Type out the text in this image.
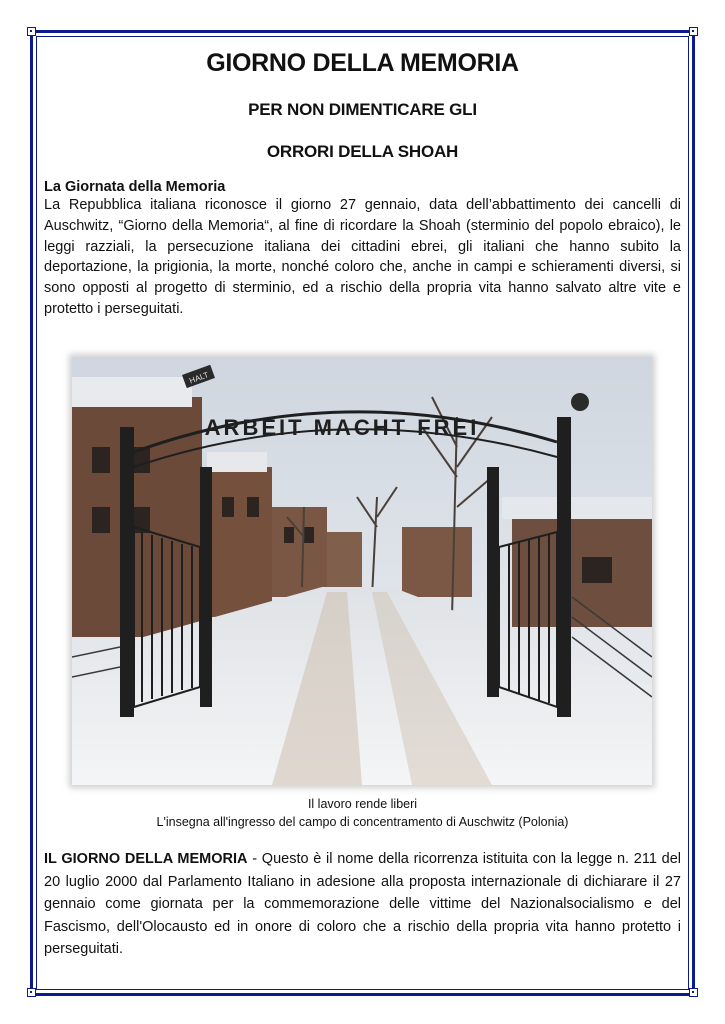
GIORNO DELLA MEMORIA
PER NON DIMENTICARE GLI
ORRORI DELLA SHOAH
La Giornata della Memoria
La Repubblica italiana riconosce il giorno 27 gennaio, data dell’abbattimento dei cancelli di Auschwitz, “Giorno della Memoria“, al fine di ricordare la Shoah (sterminio del popolo ebraico), le leggi razziali, la persecuzione italiana dei cittadini ebrei, gli italiani che hanno subito la deportazione, la prigionia, la morte, nonché coloro che, anche in campi e schieramenti diversi, si sono opposti al progetto di sterminio, ed a rischio della propria vita hanno salvato altre vite e protetto i perseguitati.
ARBEIT MACHT FREI
HALT
Il lavoro rende liberi
L'insegna all'ingresso del campo di concentramento di Auschwitz (Polonia)
IL GIORNO DELLA MEMORIA - Questo è il nome della ricorrenza istituita con la legge n. 211 del 20 luglio 2000 dal Parlamento Italiano in adesione alla proposta internazionale di dichiarare il 27 gennaio come giornata per la commemorazione delle vittime del Nazionalsocialismo e del Fascismo, dell'Olocausto ed in onore di coloro che a rischio della propria vita hanno protetto i perseguitati.
